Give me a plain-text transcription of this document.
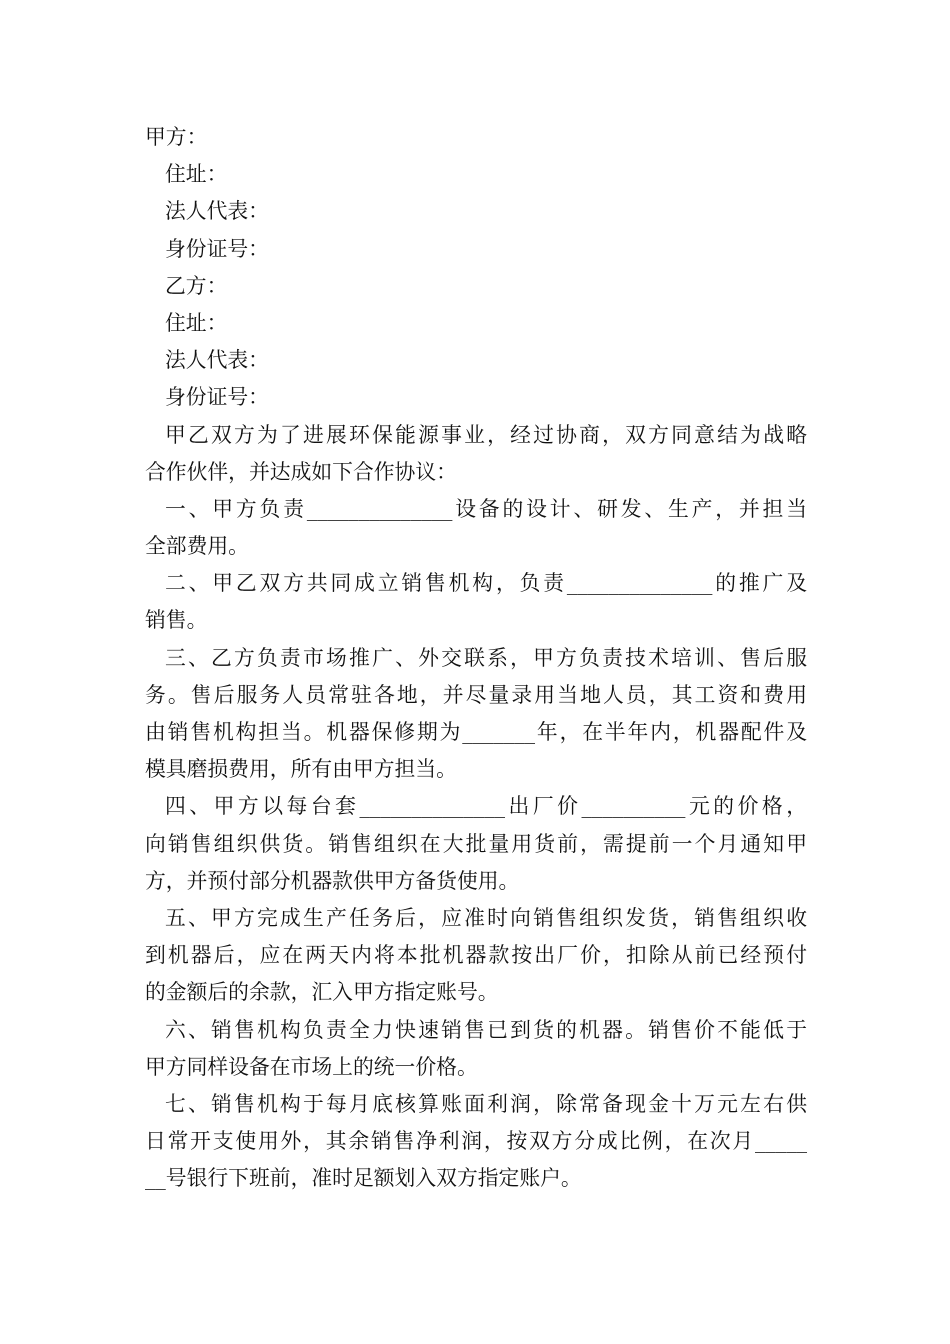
甲方：

住址：

法人代表：

身份证号：

乙方：

住址：

法人代表：

身份证号：

甲乙双方为了进展环保能源事业，经过协商，双方同意结为战略

合作伙伴，并达成如下合作协议：

一、甲方负责______________设备的设计、研发、生产，并担当

全部费用。

二、甲乙双方共同成立销售机构，负责______________的推广及

销售。

三、乙方负责市场推广、外交联系，甲方负责技术培训、售后服

务。售后服务人员常驻各地，并尽量录用当地人员，其工资和费用

由销售机构担当。机器保修期为_______年，在半年内，机器配件及

模具磨损费用，所有由甲方担当。

四、甲方以每台套______________出厂价__________元的价格，

向销售组织供货。销售组织在大批量用货前，需提前一个月通知甲

方，并预付部分机器款供甲方备货使用。

五、甲方完成生产任务后，应准时向销售组织发货，销售组织收

到机器后，应在两天内将本批机器款按出厂价，扣除从前已经预付

的金额后的余款，汇入甲方指定账号。

六、销售机构负责全力快速销售已到货的机器。销售价不能低于

甲方同样设备在市场上的统一价格。

七、销售机构于每月底核算账面利润，除常备现金十万元左右供

日常开支使用外，其余销售净利润，按双方分成比例，在次月_____

__号银行下班前，准时足额划入双方指定账户。
